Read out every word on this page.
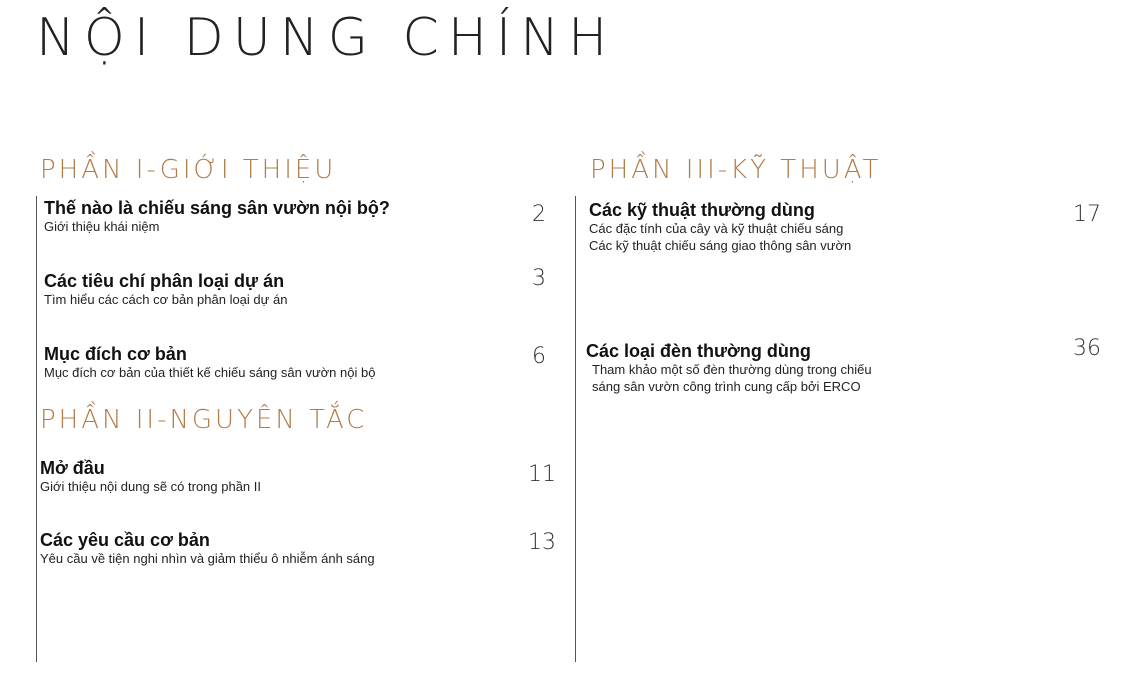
NỘI DUNG CHÍNH
PHẦN I-GIỚI THIỆU
Thế nào là chiếu sáng sân vườn nội bộ?
Giới thiệu khái niệm	2
Các tiêu chí phân loại dự án
Tìm hiểu các cách cơ bản phân loại dự án
3
Mục đích cơ bản
Mục đích cơ bản của thiết kế chiếu sáng sân vườn nội bộ
6
PHẦN II-NGUYÊN TẮC
Mở đầu
Giới thiệu nội dung sẽ có trong phần II	11
Các yêu cầu cơ bản
Yêu cầu về tiện nghi nhìn và giảm thiểu ô nhiễm ánh sáng
13
PHẦN III-KỸ THUẬT
Các kỹ thuật thường dùng
Các đặc tính của cây và kỹ thuật chiếu sáng
Các kỹ thuật chiếu sáng giao thông sân vườn
17
Các loại đèn thường dùng
Tham khảo một số đèn thường dùng trong chiếu
sáng sân vườn công trình cung cấp bởi ERCO
36
